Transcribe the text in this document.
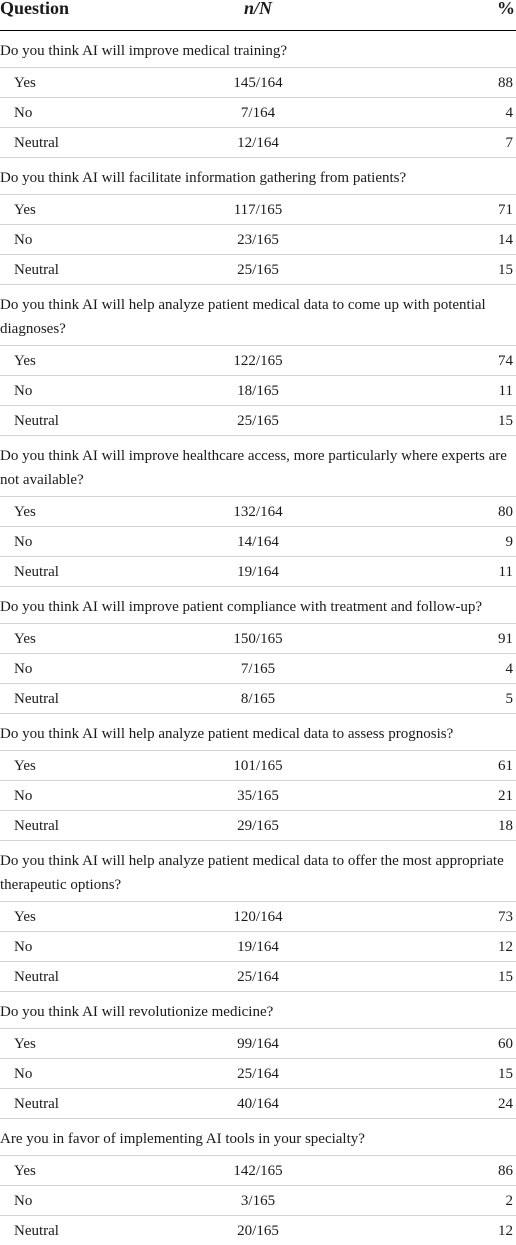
Question	n/N	%
Do you think AI will improve medical training?
Yes	145/164	88
No	7/164	4
Neutral	12/164	7
Do you think AI will facilitate information gathering from patients?
Yes	117/165	71
No	23/165	14
Neutral	25/165	15
Do you think AI will help analyze patient medical data to come up with potential diagnoses?
Yes	122/165	74
No	18/165	11
Neutral	25/165	15
Do you think AI will improve healthcare access, more particularly where experts are not available?
Yes	132/164	80
No	14/164	9
Neutral	19/164	11
Do you think AI will improve patient compliance with treatment and follow-up?
Yes	150/165	91
No	7/165	4
Neutral	8/165	5
Do you think AI will help analyze patient medical data to assess prognosis?
Yes	101/165	61
No	35/165	21
Neutral	29/165	18
Do you think AI will help analyze patient medical data to offer the most appropriate therapeutic options?
Yes	120/164	73
No	19/164	12
Neutral	25/164	15
Do you think AI will revolutionize medicine?
Yes	99/164	60
No	25/164	15
Neutral	40/164	24
Are you in favor of implementing AI tools in your specialty?
Yes	142/165	86
No	3/165	2
Neutral	20/165	12
